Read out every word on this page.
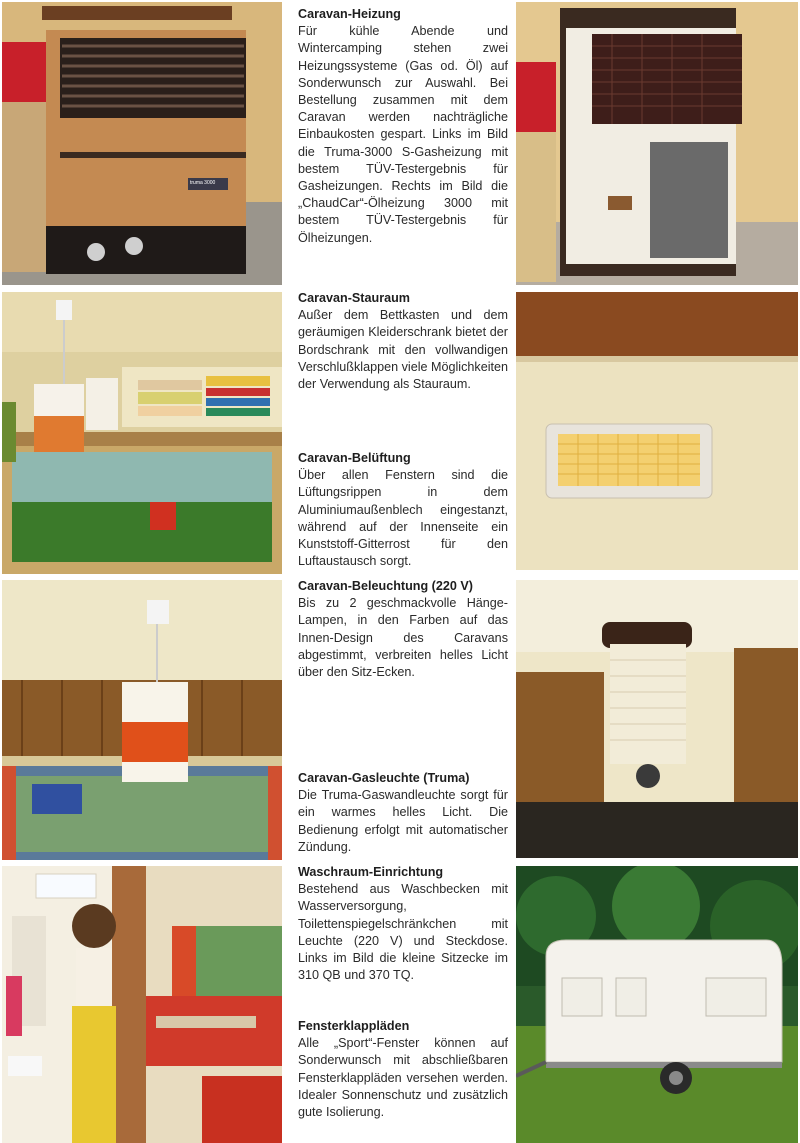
truma 3000
Caravan-Heizung

Für kühle Abende und Wintercamping stehen zwei Heizungssysteme (Gas od. Öl) auf Sonderwunsch zur Auswahl. Bei Bestellung zusammen mit dem Caravan werden nachträgliche Einbaukosten gespart. Links im Bild die Truma-3000 S-Gasheizung mit bestem TÜV-Testergebnis für Gasheizungen. Rechts im Bild die „ChaudCar“-Ölheizung 3000 mit bestem TÜV-Testergebnis für Ölheizungen.

Caravan-Stauraum

Außer dem Bettkasten und dem geräumigen Kleiderschrank bietet der Bordschrank mit den vollwandigen Verschlußklappen viele Möglichkeiten der Verwendung als Stauraum.

Caravan-Belüftung

Über allen Fenstern sind die Lüftungsrippen in dem Aluminiumaußenblech eingestanzt, während auf der Innenseite ein Kunststoff-Gitterrost für den Luftaustausch sorgt.

Caravan-Beleuchtung (220 V)

Bis zu 2 geschmackvolle Hänge-Lampen, in den Farben auf das Innen-Design des Caravans abgestimmt, verbreiten helles Licht über den Sitz-Ecken.

Caravan-Gasleuchte (Truma)

Die Truma-Gaswandleuchte sorgt für ein warmes helles Licht. Die Bedienung erfolgt mit automatischer Zündung.

Waschraum-Einrichtung

Bestehend aus Waschbecken mit Wasserversorgung, Toilettenspiegelschränkchen mit Leuchte (220 V) und Steckdose. Links im Bild die kleine Sitzecke im 310 QB und 370 TQ.

Fensterklappläden

Alle „Sport“-Fenster können auf Sonderwunsch mit abschließbaren Fensterklappläden versehen werden. Idealer Sonnenschutz und zusätzlich gute Isolierung.
